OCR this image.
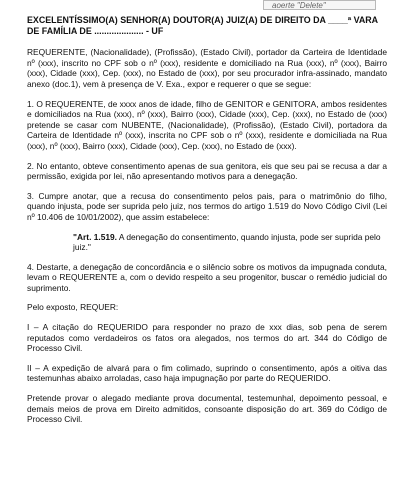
aoerte "Delete"
EXCELENTÍSSIMO(A) SENHOR(A) DOUTOR(A) JUIZ(A) DE DIREITO DA ____ª VARA DE FAMÍLIA DE .................... - UF

REQUERENTE, (Nacionalidade), (Profissão), (Estado Civil), portador da Carteira de Identidade nº (xxx), inscrito no CPF sob o nº (xxx), residente e domiciliado na Rua (xxx), nº (xxx), Bairro (xxx), Cidade (xxx), Cep. (xxx), no Estado de (xxx), por seu procurador infra-assinado, mandato anexo (doc.1), vem à presença de V. Exa., expor e requerer o que se segue:

1. O REQUERENTE, de xxxx anos de idade, filho de GENITOR e GENITORA, ambos residentes e domiciliados na Rua (xxx), nº (xxx), Bairro (xxx), Cidade (xxx), Cep. (xxx), no Estado de (xxx) pretende se casar com NUBENTE, (Nacionalidade), (Profissão), (Estado Civil), portadora da Carteira de Identidade nº (xxx), inscrita no CPF sob o nº (xxx), residente e domiciliada na Rua (xxx), nº (xxx), Bairro (xxx), Cidade (xxx), Cep. (xxx), no Estado de (xxx).

2. No entanto, obteve consentimento apenas de sua genitora, eis que seu pai se recusa a dar a permissão, exigida por lei, não apresentando motivos para a denegação.

3. Cumpre anotar, que a recusa do consentimento pelos pais, para o matrimônio do filho, quando injusta, pode ser suprida pelo juiz, nos termos do artigo 1.519 do Novo Código Civil (Lei nº 10.406 de 10/01/2002), que assim estabelece:

"Art. 1.519. A denegação do consentimento, quando injusta, pode ser suprida pelo juiz."

4. Destarte, a denegação de concordância e o silêncio sobre os motivos da impugnada conduta, levam o REQUERENTE a, com o devido respeito a seu progenitor, buscar o remédio judicial do suprimento.

Pelo exposto, REQUER:

I – A citação do REQUERIDO para responder no prazo de xxx dias, sob pena de serem reputados como verdadeiros os fatos ora alegados, nos termos do art. 344 do Código de Processo Civil.

II – A expedição de alvará para o fim colimado, suprindo o consentimento, após a oitiva das testemunhas abaixo arroladas, caso haja impugnação por parte do REQUERIDO.

Pretende provar o alegado mediante prova documental, testemunhal, depoimento pessoal, e demais meios de prova em Direito admitidos, consoante disposição do art. 369 do Código de Processo Civil.
